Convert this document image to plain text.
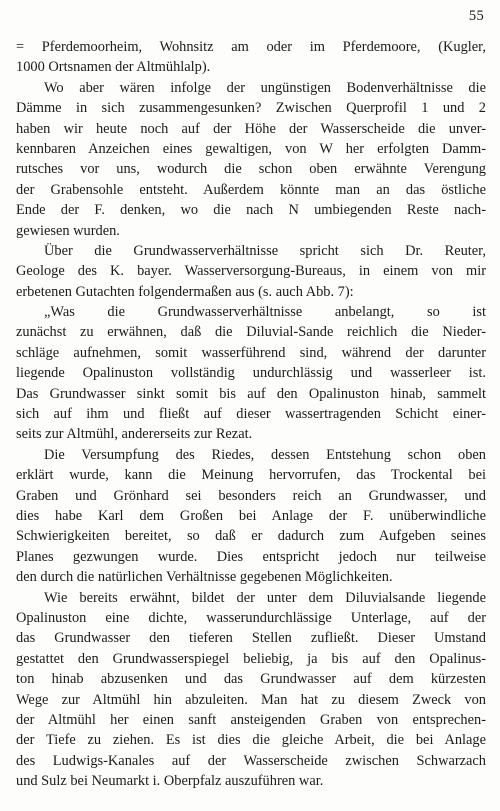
55
= Pferdemoorheim, Wohnsitz am oder im Pferdemoore, (Kugler,
1000 Ortsnamen der Altmühlalp).
Wo aber wären infolge der ungünstigen Bodenverhältnisse die
Dämme in sich zusammengesunken? Zwischen Querprofil 1 und 2
haben wir heute noch auf der Höhe der Wasserscheide die unver-
kennbaren Anzeichen eines gewaltigen, von W her erfolgten Damm-
rutsches vor uns, wodurch die schon oben erwähnte Verengung
der Grabensohle entsteht. Außerdem könnte man an das östliche
Ende der F. denken, wo die nach N umbiegenden Reste nach-
gewiesen wurden.
Über die Grundwasserverhältnisse spricht sich Dr. Reuter,
Geologe des K. bayer. Wasserversorgung-Bureaus, in einem von mir
erbetenen Gutachten folgendermaßen aus (s. auch Abb. 7):
„Was die Grundwasserverhältnisse anbelangt, so ist
zunächst zu erwähnen, daß die Diluvial-Sande reichlich die Nieder-
schläge aufnehmen, somit wasserführend sind, während der darunter
liegende Opalinuston vollständig undurchlässig und wasserleer ist.
Das Grundwasser sinkt somit bis auf den Opalinuston hinab, sammelt
sich auf ihm und fließt auf dieser wassertragenden Schicht einer-
seits zur Altmühl, andererseits zur Rezat.
Die Versumpfung des Riedes, dessen Entstehung schon oben
erklärt wurde, kann die Meinung hervorrufen, das Trockental bei
Graben und Grönhard sei besonders reich an Grundwasser, und
dies habe Karl dem Großen bei Anlage der F. unüberwindliche
Schwierigkeiten bereitet, so daß er dadurch zum Aufgeben seines
Planes gezwungen wurde. Dies entspricht jedoch nur teilweise
den durch die natürlichen Verhältnisse gegebenen Möglichkeiten.
Wie bereits erwähnt, bildet der unter dem Diluvialsande liegende
Opalinuston eine dichte, wasserundurchlässige Unterlage, auf der
das Grundwasser den tieferen Stellen zufließt. Dieser Umstand
gestattet den Grundwasserspiegel beliebig, ja bis auf den Opalinus-
ton hinab abzusenken und das Grundwasser auf dem kürzesten
Wege zur Altmühl hin abzuleiten. Man hat zu diesem Zweck von
der Altmühl her einen sanft ansteigenden Graben von entsprechen-
der Tiefe zu ziehen. Es ist dies die gleiche Arbeit, die bei Anlage
des Ludwigs-Kanales auf der Wasserscheide zwischen Schwarzach
und Sulz bei Neumarkt i. Oberpfalz auszuführen war.
